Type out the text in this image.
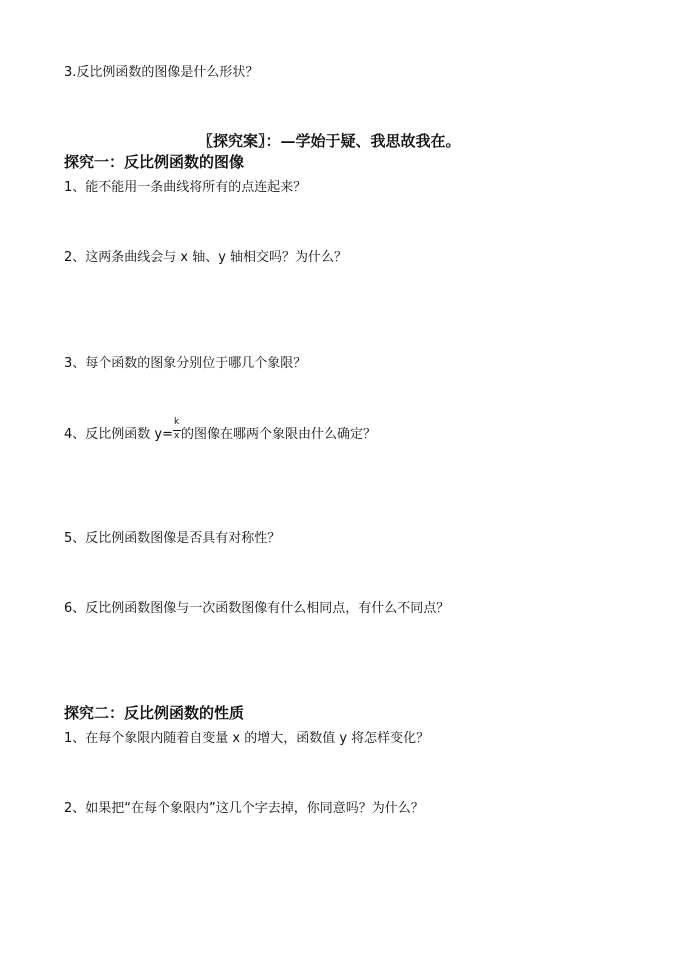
3.反比例函数的图像是什么形状？
〖探究案〗：—学始于疑、我思故我在。
探究一：反比例函数的图像
1、能不能用一条曲线将所有的点连起来？
2、这两条曲线会与 x 轴、y 轴相交吗？为什么？
3、每个函数的图象分别位于哪几个象限？
4、反比例函数 $y= \frac{k}{x}$ 的图像在哪两个象限由什么确定？
5、反比例函数图像是否具有对称性？
6、反比例函数图像与一次函数图像有什么相同点，有什么不同点？
探究二：反比例函数的性质
1、在每个象限内随着自变量 x 的增大，函数值 y 将怎样变化？
2、如果把“在每个象限内”这几个字去掉，你同意吗？为什么？
